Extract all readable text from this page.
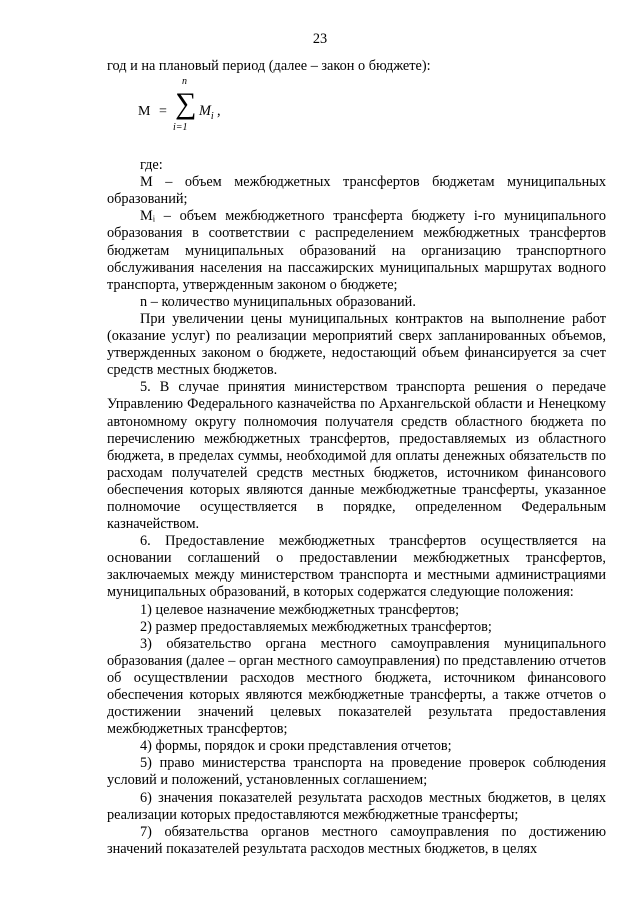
23

год и на плановый период (далее – закон о бюджете):

M =
n
∑
i=1
$M_i$ ,

где:

М – объем межбюджетных трансфертов бюджетам муниципальных образований;

Mᵢ – объем межбюджетного трансферта бюджету i-го муниципального образования в соответствии с распределением межбюджетных трансфертов бюджетам муниципальных образований на организацию транспортного обслуживания населения на пассажирских муниципальных маршрутах водного транспорта, утвержденным законом о бюджете;

n – количество муниципальных образований.

При увеличении цены муниципальных контрактов на выполнение работ (оказание услуг) по реализации мероприятий сверх запланированных объемов, утвержденных законом о бюджете, недостающий объем финансируется за счет средств местных бюджетов.

5. В случае принятия министерством транспорта решения о передаче Управлению Федерального казначейства по Архангельской области и Ненецкому автономному округу полномочия получателя средств областного бюджета по перечислению межбюджетных трансфертов, предоставляемых из областного бюджета, в пределах суммы, необходимой для оплаты денежных обязательств по расходам получателей средств местных бюджетов, источником финансового обеспечения которых являются данные межбюджетные трансферты, указанное полномочие осуществляется в порядке, определенном Федеральным казначейством.

6. Предоставление межбюджетных трансфертов осуществляется на основании соглашений о предоставлении межбюджетных трансфертов, заключаемых между министерством транспорта и местными администрациями муниципальных образований, в которых содержатся следующие положения:

1) целевое назначение межбюджетных трансфертов;

2) размер предоставляемых межбюджетных трансфертов;

3) обязательство органа местного самоуправления муниципального образования (далее – орган местного самоуправления) по представлению отчетов об осуществлении расходов местного бюджета, источником финансового обеспечения которых являются межбюджетные трансферты, а также отчетов о достижении значений целевых показателей результата предоставления межбюджетных трансфертов;

4) формы, порядок и сроки представления отчетов;

5) право министерства транспорта на проведение проверок соблюдения условий и положений, установленных соглашением;

6) значения показателей результата расходов местных бюджетов, в целях реализации которых предоставляются межбюджетные трансферты;

7) обязательства органов местного самоуправления по достижению значений показателей результата расходов местных бюджетов, в целях
